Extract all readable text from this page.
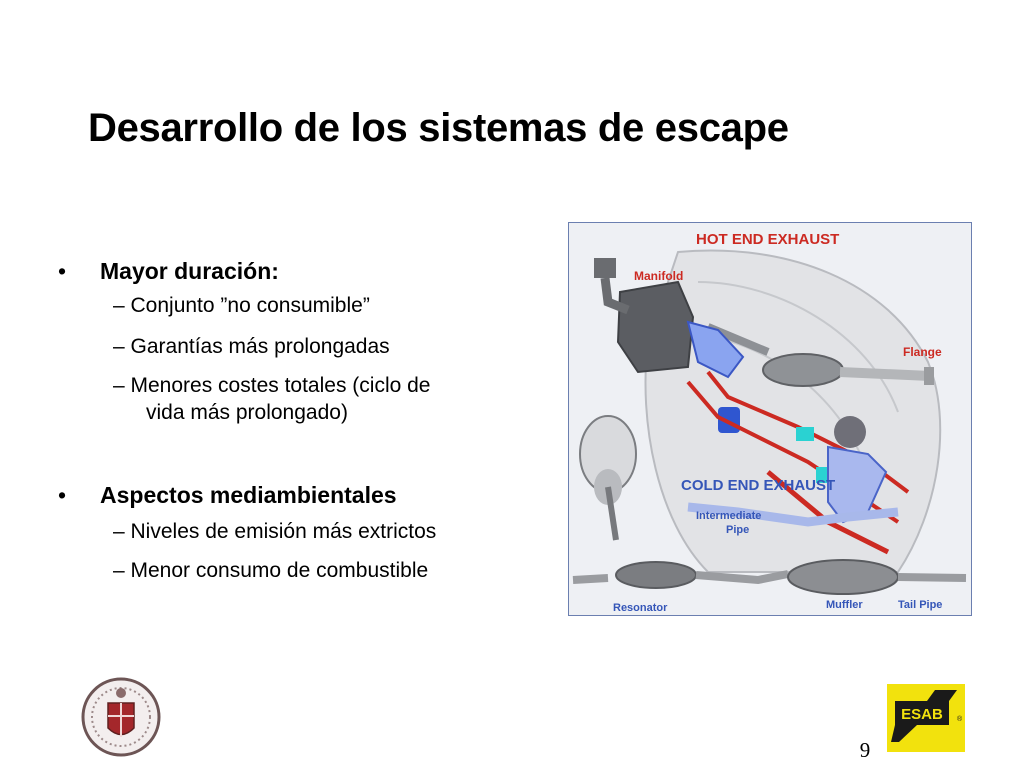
Desarrollo de los sistemas de escape
• Mayor duración:
– Conjunto ”no consumible”
– Garantías más prolongadas
– Menores costes totales (ciclo de
vida más prolongado)
• Aspectos mediambientales
– Niveles de emisión más extrictos
– Menor consumo de combustible
HOT END EXHAUST
Manifold
Flange
COLD END EXHAUST
Intermediate
Pipe
Resonator	Muffler	Tail Pipe
ESAB ®
9
